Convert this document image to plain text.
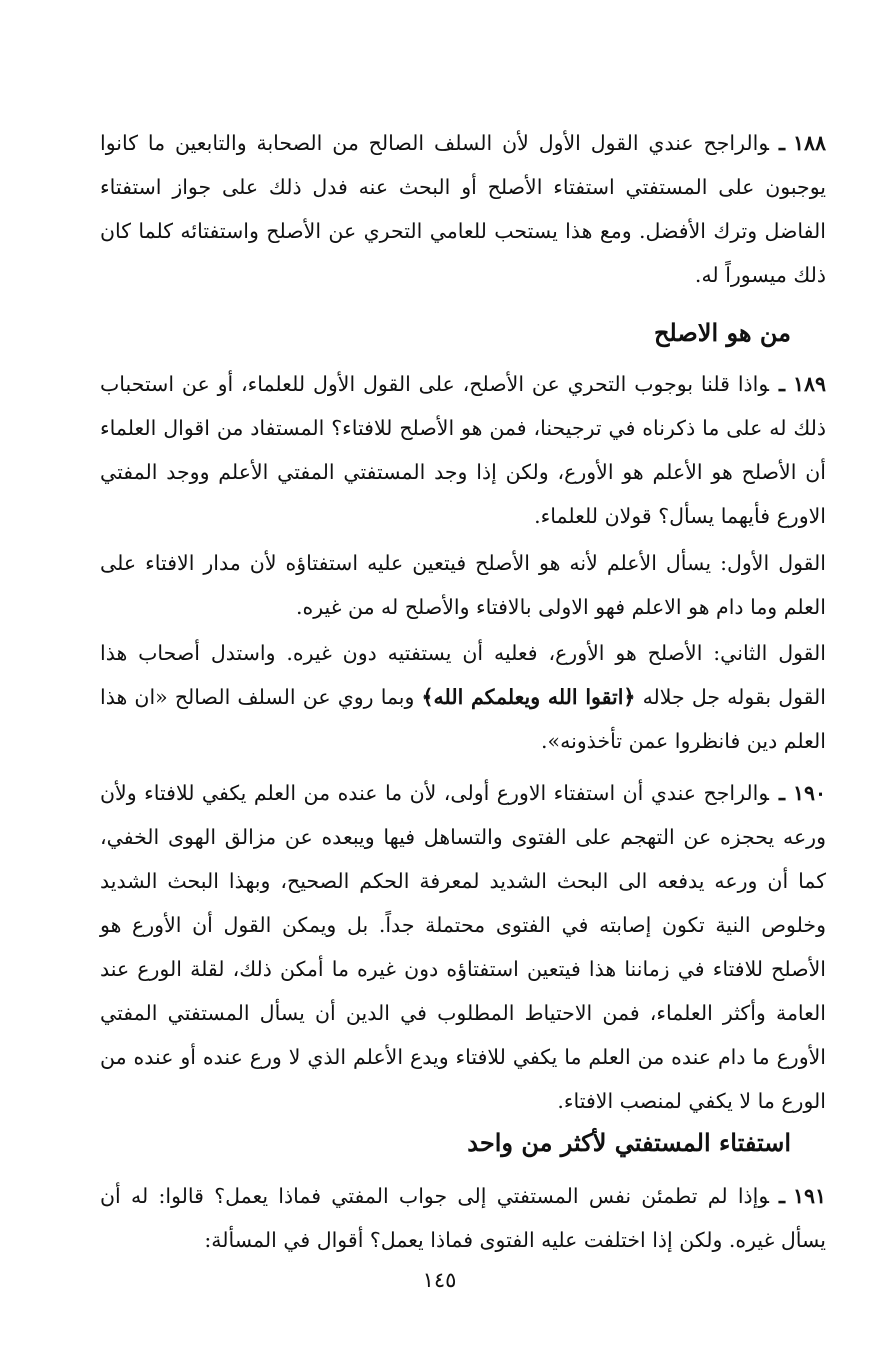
١٨٨ـوالراجح عندي القول الأول لأن السلف الصالح من الصحابة والتابعين ما كانوا يوجبون على المستفتي استفتاء الأصلح أو البحث عنه فدل ذلك على جواز استفتاء الفاضل وترك الأفضل. ومع هذا يستحب للعامي التحري عن الأصلح واستفتائه كلما كان ذلك ميسوراً له.

من هو الاصلح

١٨٩ـواذا قلنا بوجوب التحري عن الأصلح، على القول الأول للعلماء، أو عن استحباب ذلك له على ما ذكرناه في ترجيحنا، فمن هو الأصلح للافتاء؟ المستفاد من اقوال العلماء أن الأصلح هو الأعلم هو الأورع، ولكن إذا وجد المستفتي المفتي الأعلم ووجد المفتي الاورع فأيهما يسأل؟ قولان للعلماء.

القول الأول: يسأل الأعلم لأنه هو الأصلح فيتعين عليه استفتاؤه لأن مدار الافتاء على العلم وما دام هو الاعلم فهو الاولى بالافتاء والأصلح له من غيره.

القول الثاني: الأصلح هو الأورع، فعليه أن يستفتيه دون غيره. واستدل أصحاب هذا القول بقوله جل جلاله ﴿اتقوا الله ويعلمكم الله﴾ وبما روي عن السلف الصالح «ان هذا العلم دين فانظروا عمن تأخذونه».

١٩٠ـوالراجح عندي أن استفتاء الاورع أولى، لأن ما عنده من العلم يكفي للافتاء ولأن ورعه يحجزه عن التهجم على الفتوى والتساهل فيها ويبعده عن مزالق الهوى الخفي، كما أن ورعه يدفعه الى البحث الشديد لمعرفة الحكم الصحيح، وبهذا البحث الشديد وخلوص النية تكون إصابته في الفتوى محتملة جداً. بل ويمكن القول أن الأورع هو الأصلح للافتاء في زماننا هذا فيتعين استفتاؤه دون غيره ما أمكن ذلك، لقلة الورع عند العامة وأكثر العلماء، فمن الاحتياط المطلوب في الدين أن يسأل المستفتي المفتي الأورع ما دام عنده من العلم ما يكفي للافتاء ويدع الأعلم الذي لا ورع عنده أو عنده من الورع ما لا يكفي لمنصب الافتاء.

استفتاء المستفتي لأكثر من واحد

١٩١ـوإذا لم تطمئن نفس المستفتي إلى جواب المفتي فماذا يعمل؟ قالوا: له أن يسأل غيره. ولكن إذا اختلفت عليه الفتوى فماذا يعمل؟ أقوال في المسألة:

١٤٥
